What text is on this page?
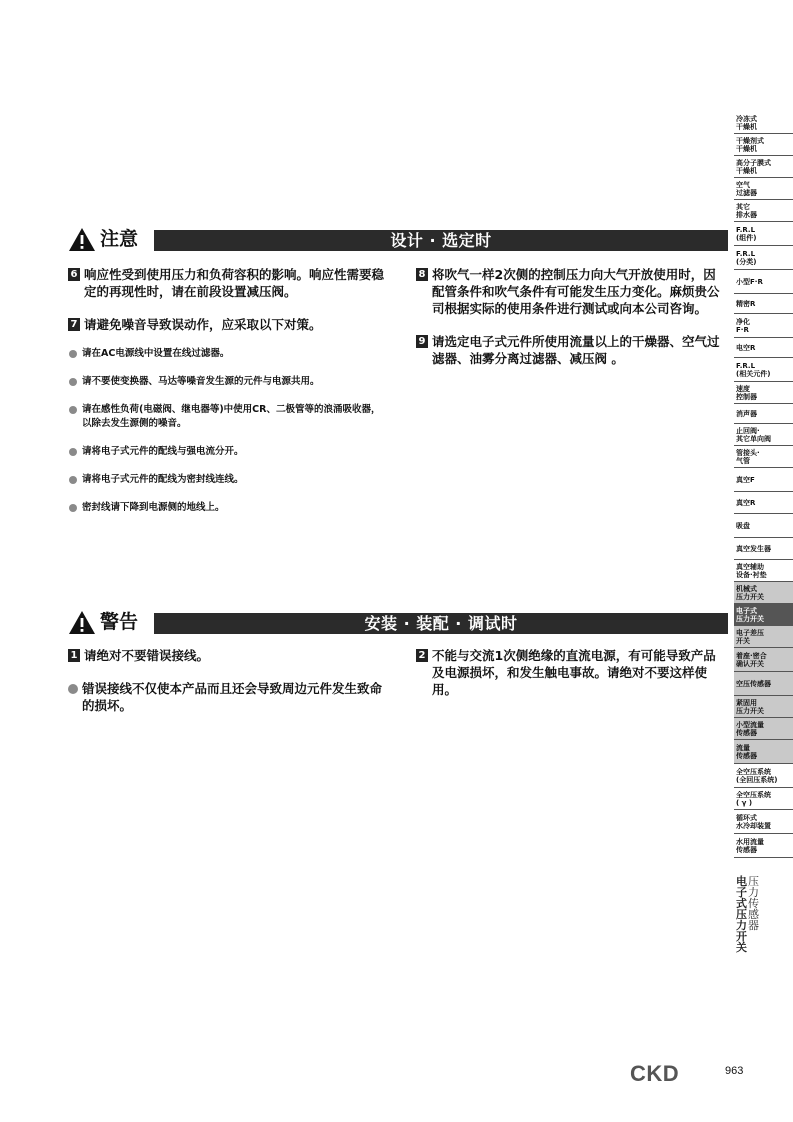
注意	设计 · 选定时
6 响应性受到使用压力和负荷容积的影响。响应性需要稳定的再现性时，请在前段设置减压阀。
7 请避免噪音导致误动作，应采取以下对策。
请在AC电源线中设置在线过滤器。
请不要使变换器、马达等噪音发生源的元件与电源共用。
请在感性负荷(电磁阀、继电器等)中使用CR、二极管等的浪涌吸收器，以除去发生源侧的噪音。
请将电子式元件的配线与强电流分开。
请将电子式元件的配线为密封线连线。
密封线请下降到电源侧的地线上。
8 将吹气一样2次侧的控制压力向大气开放使用时，因配管条件和吹气条件有可能发生压力变化。麻烦贵公司根据实际的使用条件进行测试或向本公司咨询。
9 请选定电子式元件所使用流量以上的干燥器、空气过滤器、油雾分离过滤器、减压阀 。
警告	安装 · 装配 · 调试时
1 请绝对不要错误接线。
错误接线不仅使本产品而且还会导致周边元件发生致命的损坏。
2 不能与交流1次侧绝缘的直流电源，有可能导致产品及电源损坏，和发生触电事故。请绝对不要这样使用。
冷冻式
干燥机
干燥剂式
干燥机
高分子膜式
干燥机
空气
过滤器
其它
排水器
F.R.L
(组件)
F.R.L
(分类)
小型F·R
精密R
净化
F·R
电空R
F.R.L
(相关元件)
速度
控制器
消声器
止回阀·
其它单向阀
管接头·
气管
真空F
真空R
吸盘
真空发生器
真空辅助
设备·衬垫
机械式
压力开关
电子式
压力开关
电子差压
开关
着座·密合
确认开关
空压传感器
紧固用
压力开关
小型流量
传感器
流量
传感器
全空压系统
(全回压系统)
全空压系统
( γ )
循环式
水冷却装置
水用流量
传感器
电
子
式
压
力
开
关
压
力
传
感
器
CKD	963
